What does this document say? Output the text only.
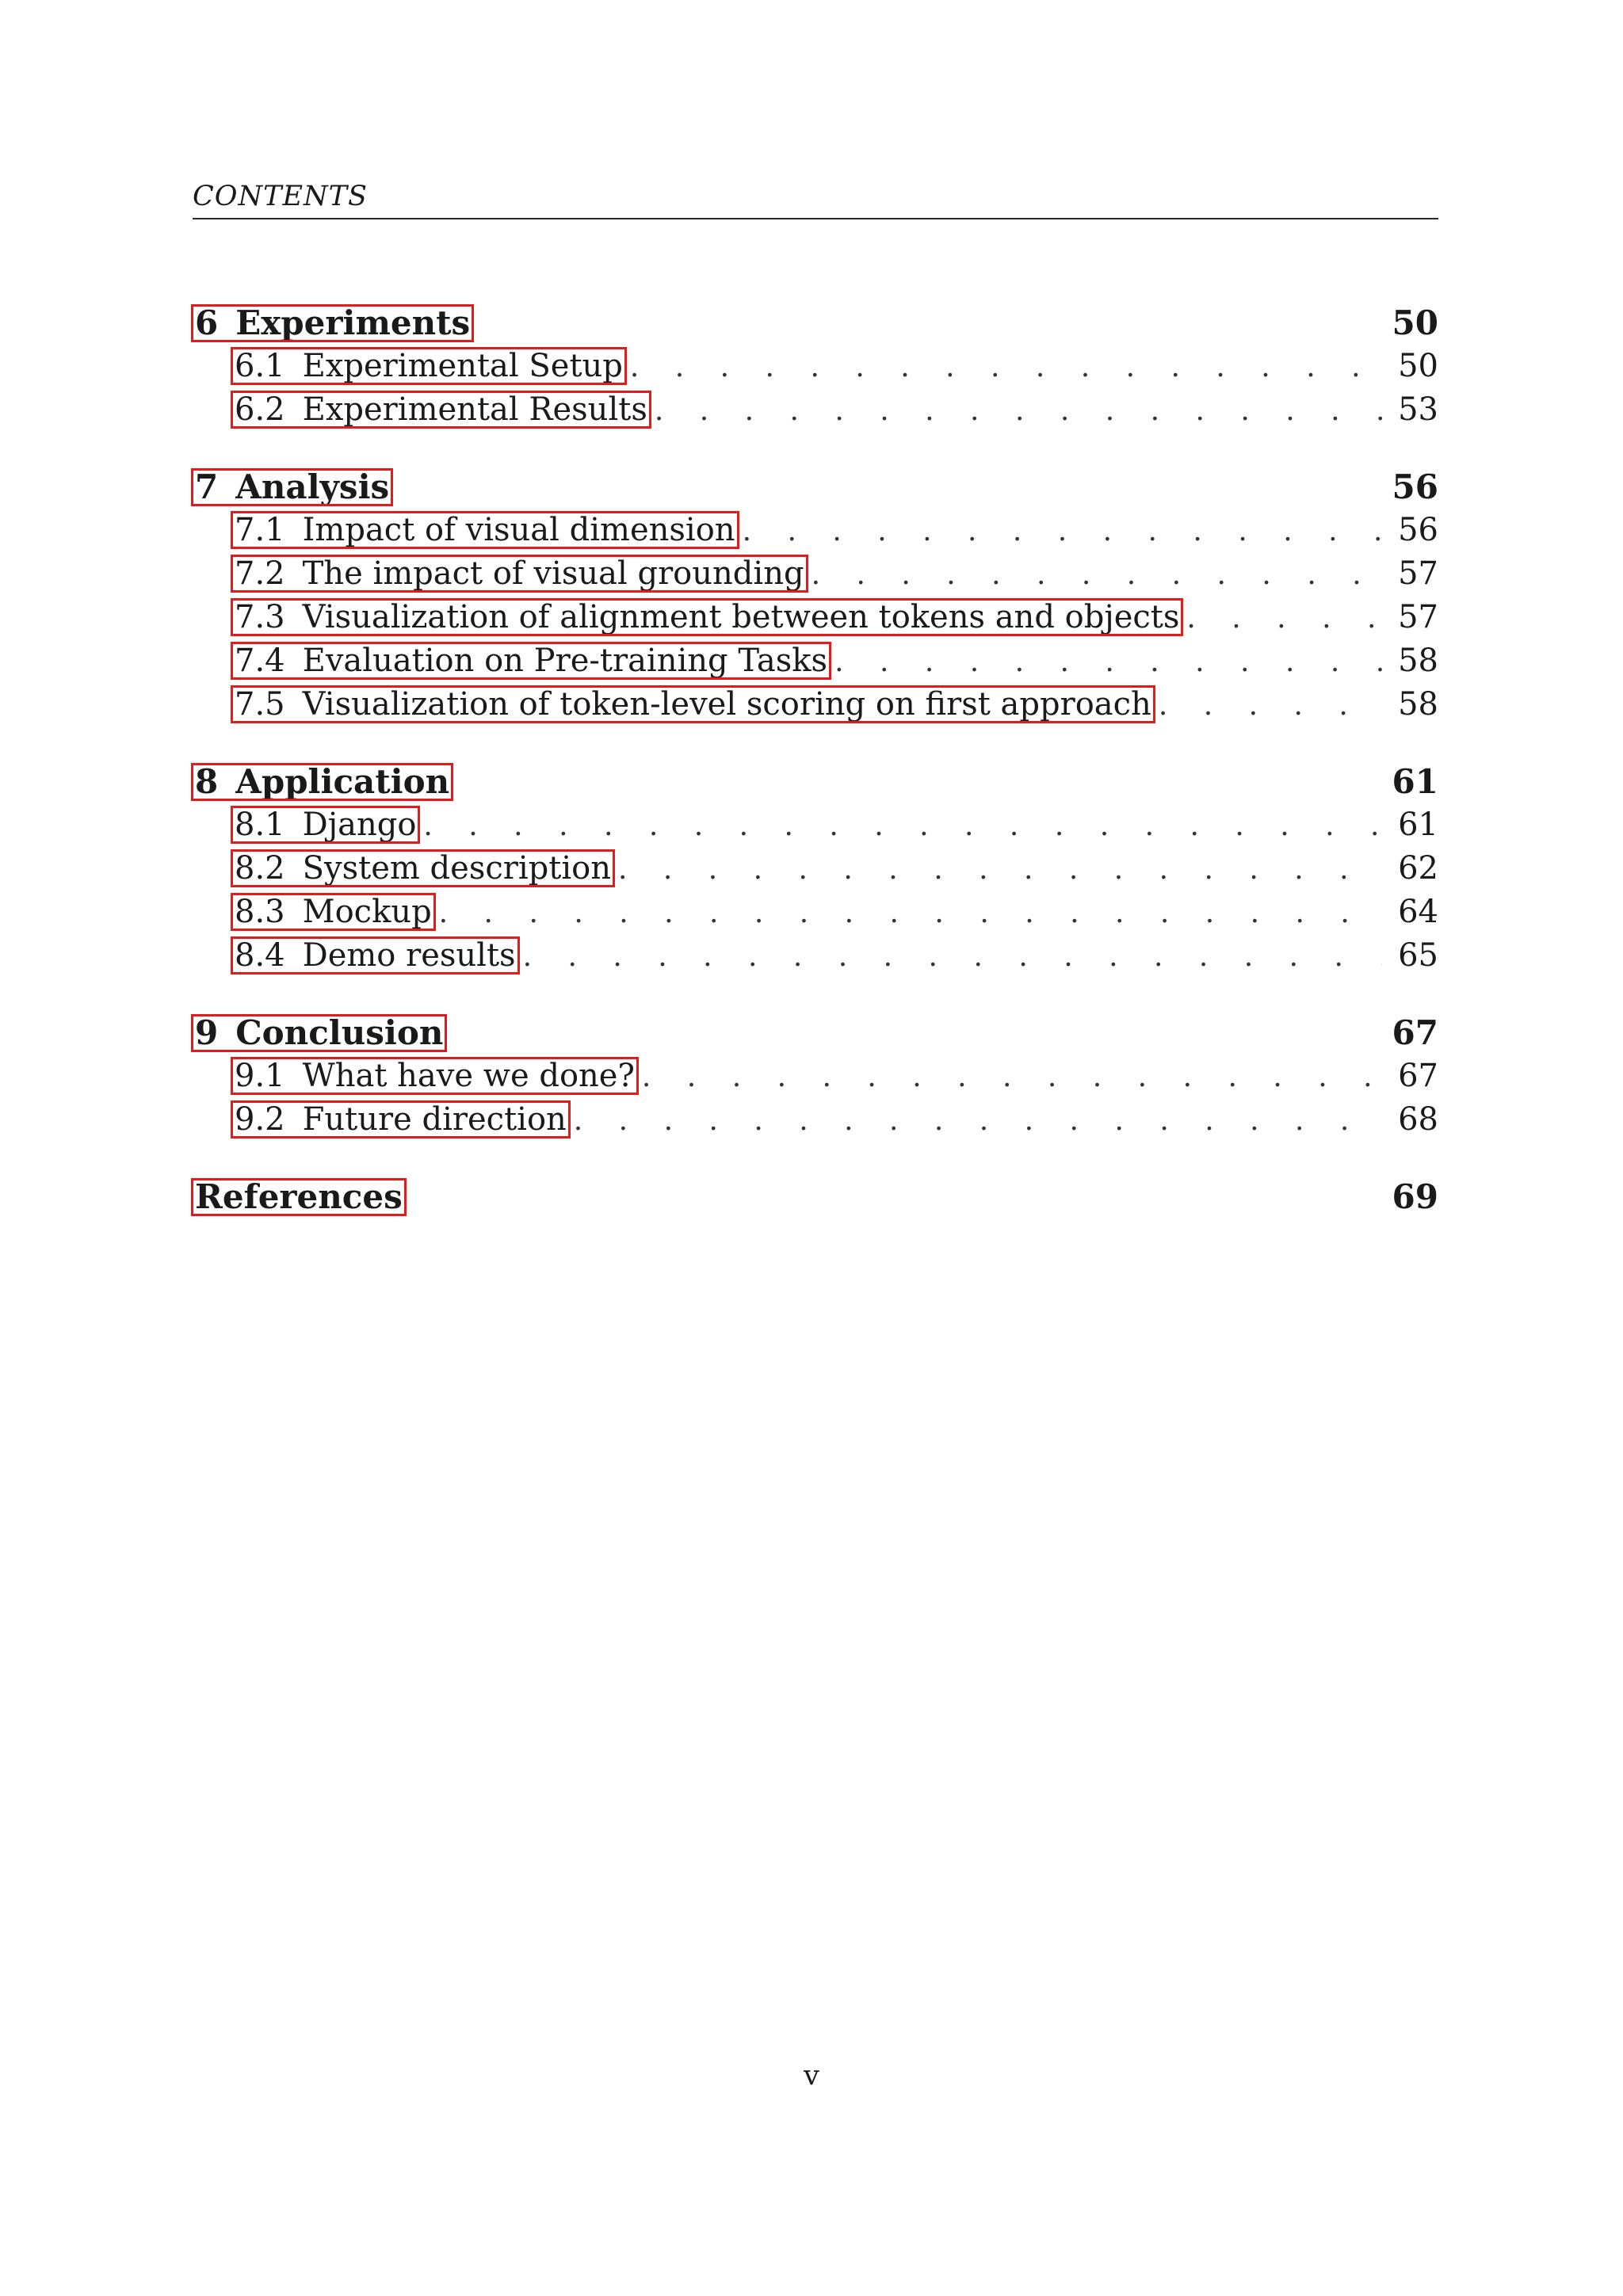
CONTENTS
6 Experiments	50
6.1 Experimental Setup . . .	50
6.2 Experimental Results . . .	53
7 Analysis	56
7.1 Impact of visual dimension . . .	56
7.2 The impact of visual grounding . . .	57
7.3 Visualization of alignment between tokens and objects . . .	57
7.4 Evaluation on Pre-training Tasks . . .	58
7.5 Visualization of token-level scoring on first approach . . .	58
8 Application	61
8.1 Django . . .	61
8.2 System description . . .	62
8.3 Mockup . . .	64
8.4 Demo results . . .	65
9 Conclusion	67
9.1 What have we done? . . .	67
9.2 Future direction . . .	68
References	69
v
